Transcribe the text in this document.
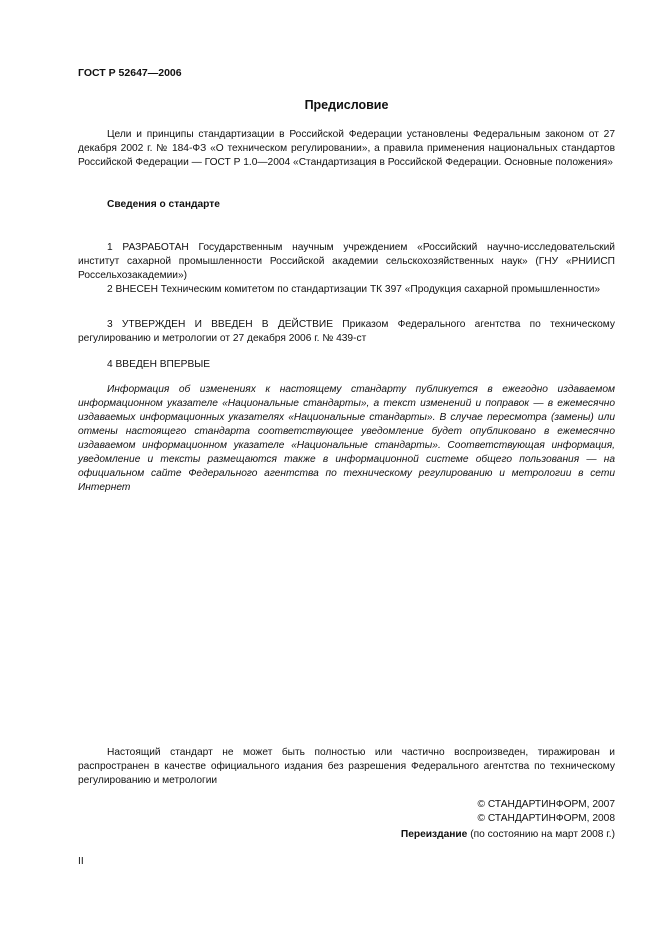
ГОСТ Р 52647—2006
Предисловие

Цели и принципы стандартизации в Российской Федерации установлены Федеральным законом от 27 декабря 2002 г. № 184-ФЗ «О техническом регулировании», а правила применения национальных стандартов Российской Федерации — ГОСТ Р 1.0—2004 «Стандартизация в Российской Федерации. Основные положения»

Сведения о стандарте

1 РАЗРАБОТАН Государственным научным учреждением «Российский научно-исследовательский институт сахарной промышленности Российской академии сельскохозяйственных наук» (ГНУ «РНИИСП Россельхозакадемии»)

2 ВНЕСЕН Техническим комитетом по стандартизации ТК 397 «Продукция сахарной промышленности»

3 УТВЕРЖДЕН И ВВЕДЕН В ДЕЙСТВИЕ Приказом Федерального агентства по техническому регулированию и метрологии от 27 декабря 2006 г. № 439-ст

4 ВВЕДЕН ВПЕРВЫЕ

Информация об изменениях к настоящему стандарту публикуется в ежегодно издаваемом информационном указателе «Национальные стандарты», а текст изменений и поправок — в ежемесячно издаваемых информационных указателях «Национальные стандарты». В случае пересмотра (замены) или отмены настоящего стандарта соответствующее уведомление будет опубликовано в ежемесячно издаваемом информационном указателе «Национальные стандарты». Соответствующая информация, уведомление и тексты размещаются также в информационной системе общего пользования — на официальном сайте Федерального агентства по техническому регулированию и метрологии в сети Интернет

Настоящий стандарт не может быть полностью или частично воспроизведен, тиражирован и распространен в качестве официального издания без разрешения Федерального агентства по техническому регулированию и метрологии

© СТАНДАРТИНФОРМ, 2007
© СТАНДАРТИНФОРМ, 2008
Переиздание (по состоянию на март 2008 г.)
II
